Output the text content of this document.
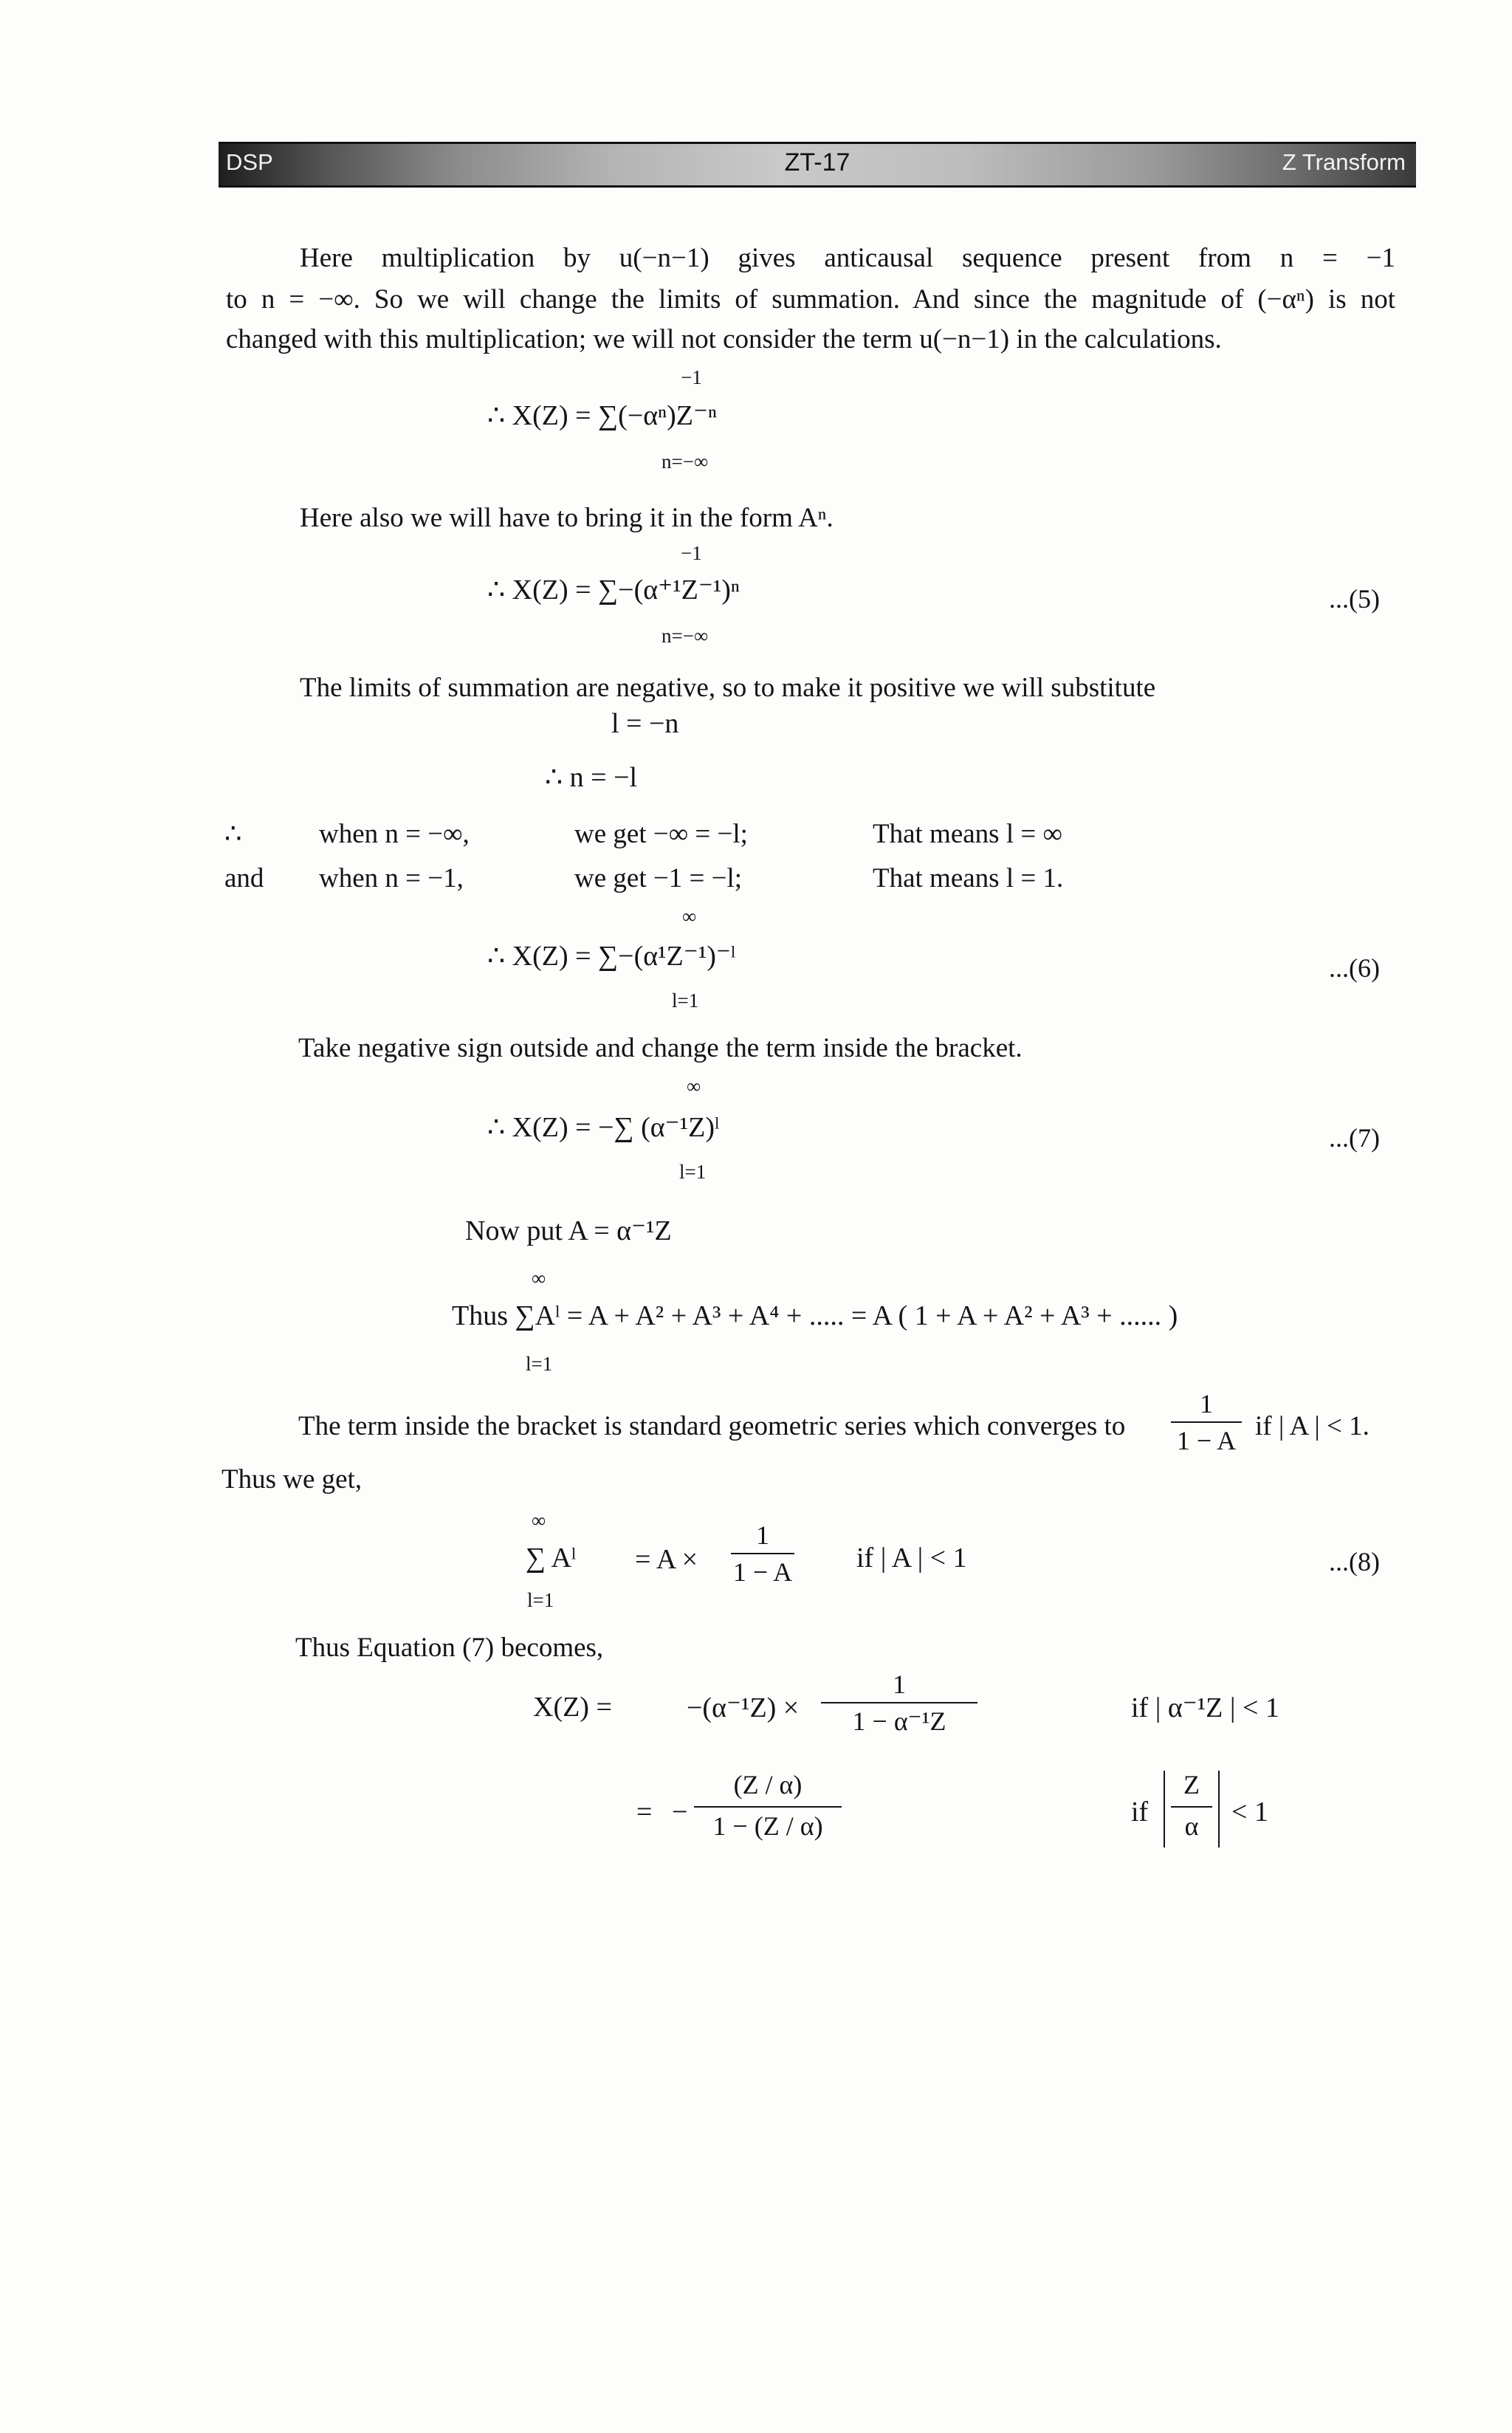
DSP	ZT-17	Z Transform
Here multiplication by u(−n−1) gives anticausal sequence present from n = −1
to n = −∞. So we will change the limits of summation. And since the magnitude of (−αⁿ) is not
changed with this multiplication; we will not consider the term u(−n−1) in the calculations.
−1
∴ X(Z) = ∑(−αⁿ)Z⁻ⁿ
n=−∞
Here also we will have to bring it in the form Aⁿ.
−1
∴ X(Z) = ∑−(α⁺¹Z⁻¹)ⁿ
n=−∞
...(5)
The limits of summation are negative, so to make it positive we will substitute
l = −n
∴ n = −l
∴	when n = −∞,	we get −∞ = −l;	That means l = ∞
and when n = −1,	we get −1 = −l;	That means l = 1.
∞
∴ X(Z) = ∑−(α¹Z⁻¹)⁻ˡ
l=1
...(6)
Take negative sign outside and change the term inside the bracket.
∞
∴ X(Z) = −∑ (α⁻¹Z)ˡ
l=1
...(7)
Now put A = α⁻¹Z
∞
Thus ∑Aˡ = A + A² + A³ + A⁴ + ..... = A ( 1 + A + A² + A³ + ...... )
l=1
The term inside the bracket is standard geometric series which converges to
1
1 − A if | A | < 1.
Thus we get,
∞
∑ Aˡ = A ×
1
1 − A if | A | < 1
l=1
...(8)
Thus Equation (7) becomes,
X(Z) =	−(α⁻¹Z) ×
1
1 − α⁻¹Z	if | α⁻¹Z | < 1
= −
(Z / α)
1 − (Z / α)	if
Z
α	< 1
